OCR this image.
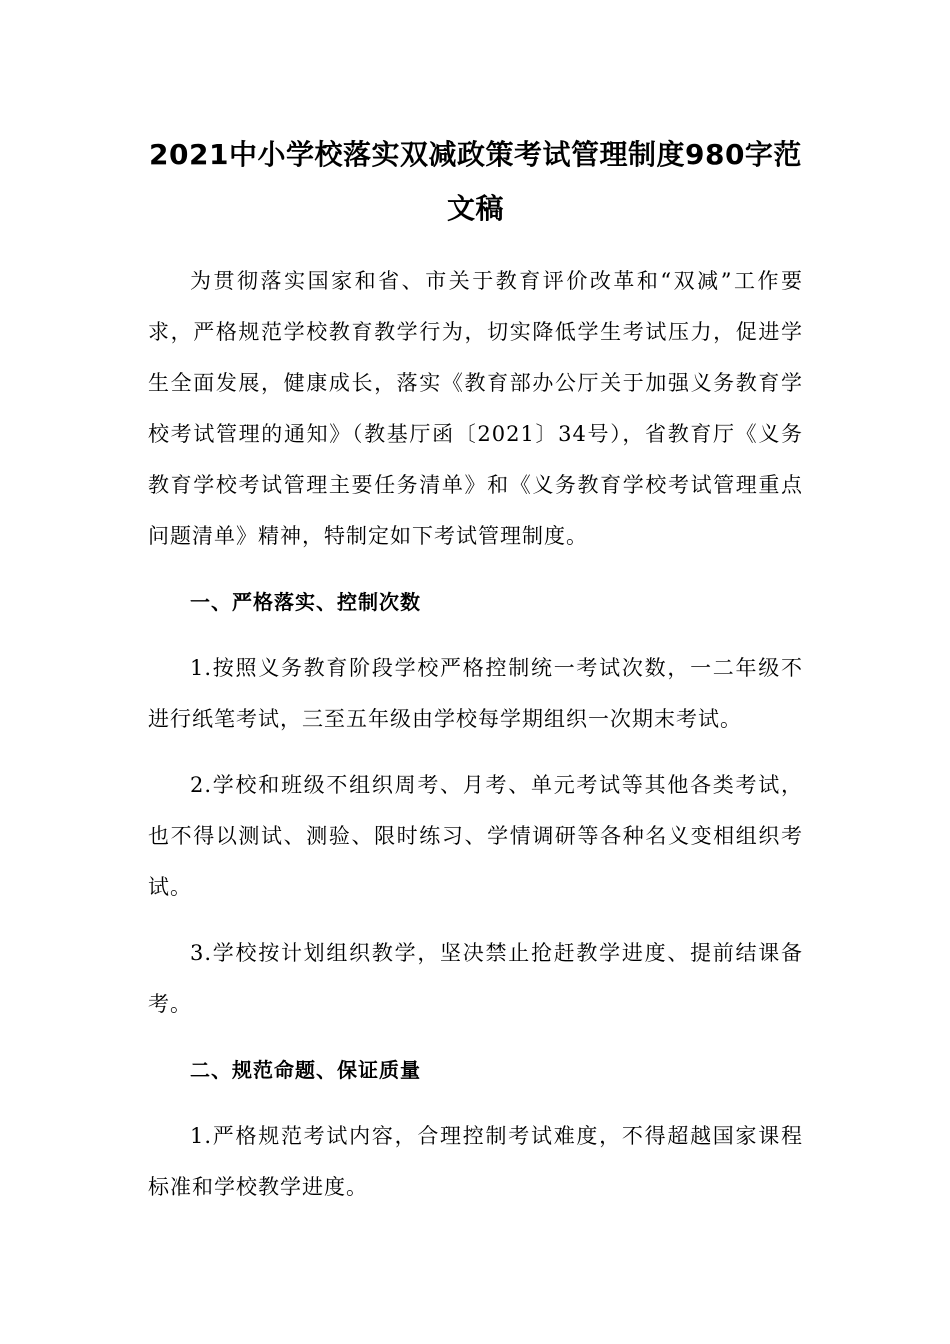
2021中小学校落实双减政策考试管理制度980字范文稿

为贯彻落实国家和省、市关于教育评价改革和“双减”工作要求，严格规范学校教育教学行为，切实降低学生考试压力，促进学生全面发展，健康成长，落实《教育部办公厅关于加强义务教育学校考试管理的通知》（教基厅函〔2021〕34号），省教育厅《义务教育学校考试管理主要任务清单》和《义务教育学校考试管理重点问题清单》精神，特制定如下考试管理制度。

一、严格落实、控制次数

1.按照义务教育阶段学校严格控制统一考试次数，一二年级不进行纸笔考试，三至五年级由学校每学期组织一次期末考试。

2.学校和班级不组织周考、月考、单元考试等其他各类考试，也不得以测试、测验、限时练习、学情调研等各种名义变相组织考试。

3.学校按计划组织教学，坚决禁止抢赶教学进度、提前结课备考。

二、规范命题、保证质量

1.严格规范考试内容，合理控制考试难度，不得超越国家课程标准和学校教学进度。
